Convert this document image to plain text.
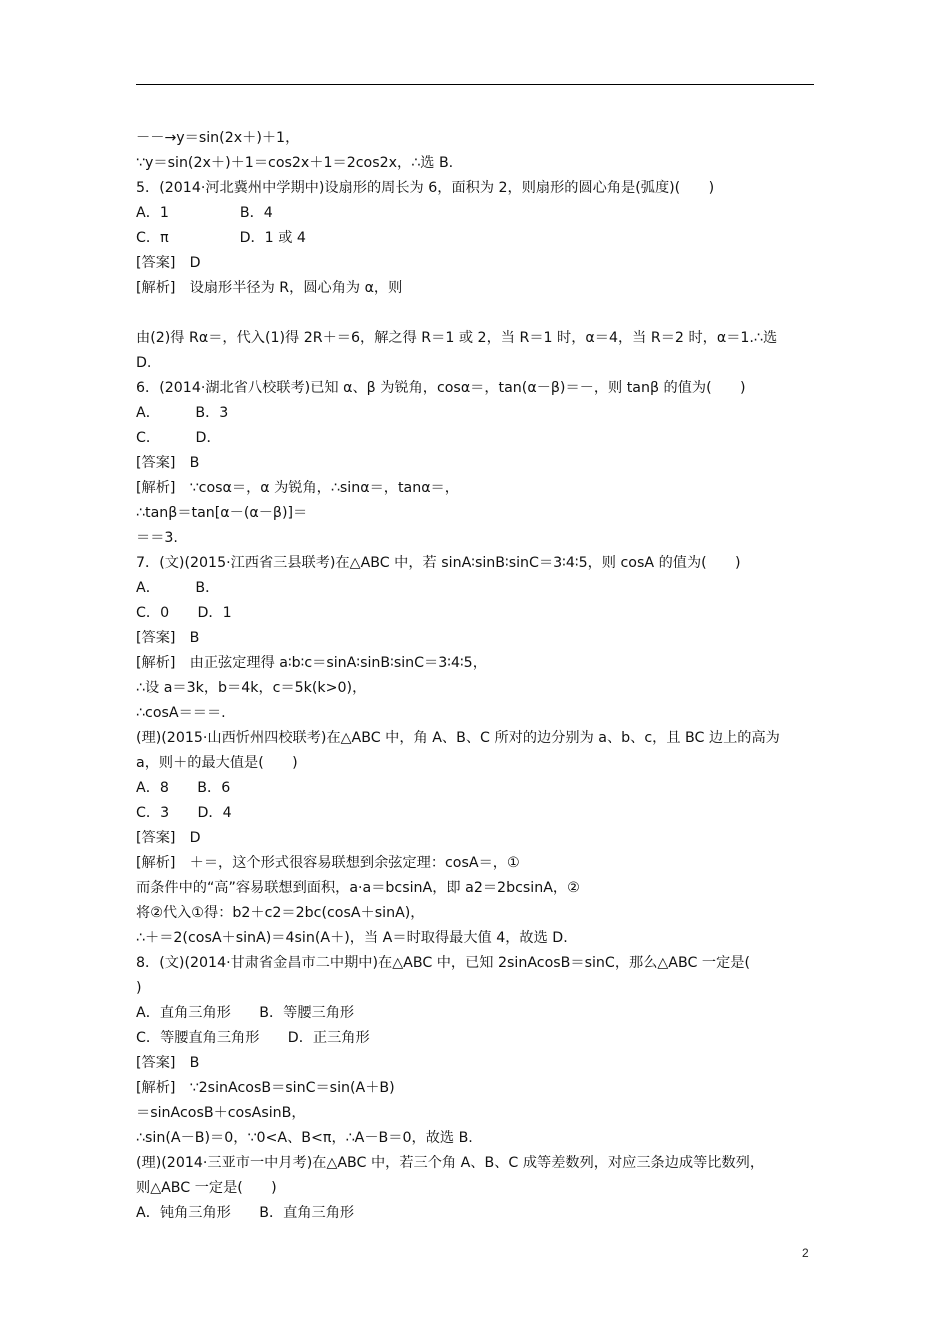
－－→y＝sin(2x＋)＋1，
∵y＝sin(2x＋)＋1＝cos2x＋1＝2cos2x，∴选 B.
5．(2014·河北冀州中学期中)设扇形的周长为 6，面积为 2，则扇形的圆心角是(弧度)(　　)
A．1　　　　　B．4
C．π　　　　　D．1 或 4
[答案]　D
[解析]　设扇形半径为 R，圆心角为 α，则
由(2)得 Rα＝，代入(1)得 2R＋＝6，解之得 R＝1 或 2，当 R＝1 时，α＝4，当 R＝2 时，α＝1.∴选
D.
6．(2014·湖北省八校联考)已知 α、β 为锐角，cosα＝，tan(α－β)＝－，则 tanβ 的值为(　　)
A．　　　B．3
C．　　　D．
[答案]　B
[解析]　∵cosα＝，α 为锐角，∴sinα＝，tanα＝，
∴tanβ＝tan[α－(α－β)]＝
＝＝3.
7．(文)(2015·江西省三县联考)在△ABC 中，若 sinA∶sinB∶sinC＝3∶4∶5，则 cosA 的值为(　　)
A．　　　B．
C．0　　D．1
[答案]　B
[解析]　由正弦定理得 a∶b∶c＝sinA∶sinB∶sinC＝3∶4∶5，
∴设 a＝3k，b＝4k，c＝5k(k>0)，
∴cosA＝＝＝.
(理)(2015·山西忻州四校联考)在△ABC 中，角 A、B、C 所对的边分别为 a、b、c，且 BC 边上的高为
a，则＋的最大值是(　　)
A．8　　B．6
C．3　　D．4
[答案]　D
[解析]　＋＝，这个形式很容易联想到余弦定理：cosA＝，①
而条件中的“高”容易联想到面积，a·a＝bcsinA，即 a2＝2bcsinA，②
将②代入①得：b2＋c2＝2bc(cosA＋sinA)，
∴＋＝2(cosA＋sinA)＝4sin(A＋)，当 A＝时取得最大值 4，故选 D.
8．(文)(2014·甘肃省金昌市二中期中)在△ABC 中，已知 2sinAcosB＝sinC，那么△ABC 一定是(
)
A．直角三角形　　B．等腰三角形
C．等腰直角三角形　　D．正三角形
[答案]　B
[解析]　∵2sinAcosB＝sinC＝sin(A＋B)
＝sinAcosB＋cosAsinB，
∴sin(A－B)＝0，∵0<A、B<π，∴A－B＝0，故选 B.
(理)(2014·三亚市一中月考)在△ABC 中，若三个角 A、B、C 成等差数列，对应三条边成等比数列，
则△ABC 一定是(　　)
A．钝角三角形　　B．直角三角形
2
